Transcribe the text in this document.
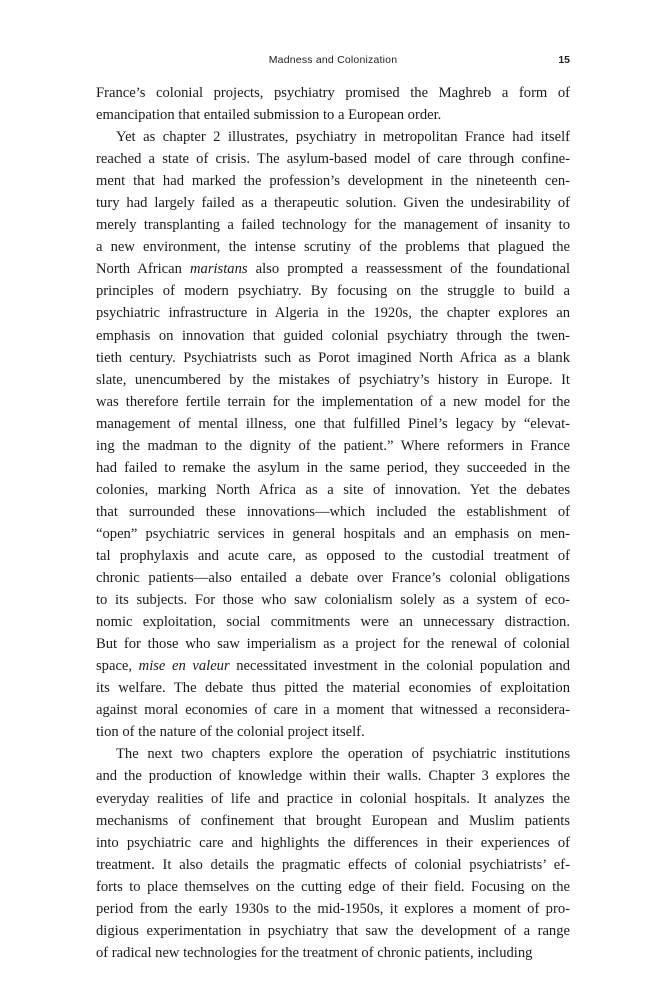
Madness and Colonization	15
France’s colonial projects, psychiatry promised the Maghreb a form of
emancipation that entailed submission to a European order.
Yet as chapter 2 illustrates, psychiatry in metropolitan France had itself
reached a state of crisis. The asylum-based model of care through confine-
ment that had marked the profession’s development in the nineteenth cen-
tury had largely failed as a therapeutic solution. Given the undesirability of
merely transplanting a failed technology for the management of insanity to
a new environment, the intense scrutiny of the problems that plagued the
North African maristans also prompted a reassessment of the foundational
principles of modern psychiatry. By focusing on the struggle to build a
psychiatric infrastructure in Algeria in the 1920s, the chapter explores an
emphasis on innovation that guided colonial psychiatry through the twen-
tieth century. Psychiatrists such as Porot imagined North Africa as a blank
slate, unencumbered by the mistakes of psychiatry’s history in Europe. It
was therefore fertile terrain for the implementation of a new model for the
management of mental illness, one that fulfilled Pinel’s legacy by “elevat-
ing the madman to the dignity of the patient.” Where reformers in France
had failed to remake the asylum in the same period, they succeeded in the
colonies, marking North Africa as a site of innovation. Yet the debates
that surrounded these innovations—which included the establishment of
“open” psychiatric services in general hospitals and an emphasis on men-
tal prophylaxis and acute care, as opposed to the custodial treatment of
chronic patients—also entailed a debate over France’s colonial obligations
to its subjects. For those who saw colonialism solely as a system of eco-
nomic exploitation, social commitments were an unnecessary distraction.
But for those who saw imperialism as a project for the renewal of colonial
space, mise en valeur necessitated investment in the colonial population and
its welfare. The debate thus pitted the material economies of exploitation
against moral economies of care in a moment that witnessed a reconsidera-
tion of the nature of the colonial project itself.
The next two chapters explore the operation of psychiatric institutions
and the production of knowledge within their walls. Chapter 3 explores the
everyday realities of life and practice in colonial hospitals. It analyzes the
mechanisms of confinement that brought European and Muslim patients
into psychiatric care and highlights the differences in their experiences of
treatment. It also details the pragmatic effects of colonial psychiatrists’ ef-
forts to place themselves on the cutting edge of their field. Focusing on the
period from the early 1930s to the mid-1950s, it explores a moment of pro-
digious experimentation in psychiatry that saw the development of a range
of radical new technologies for the treatment of chronic patients, including
